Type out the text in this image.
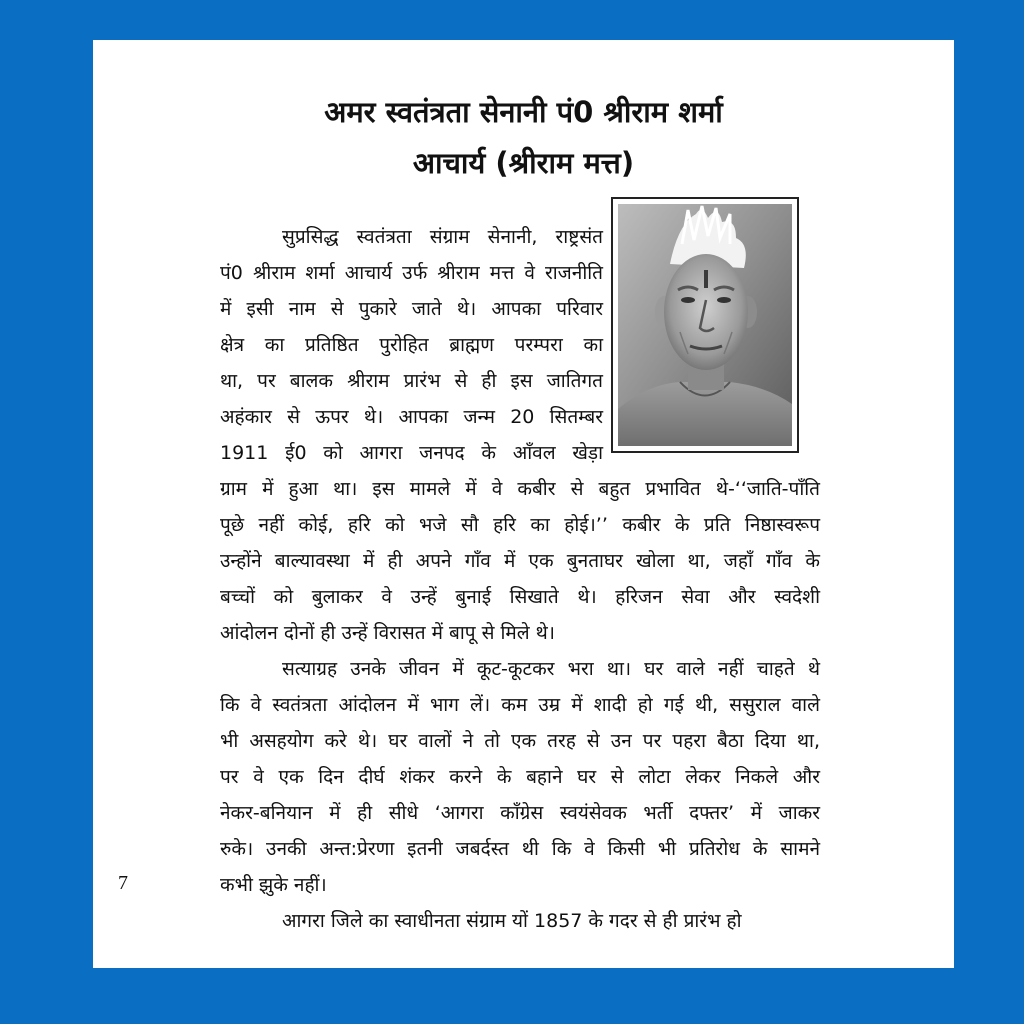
अमर स्वतंत्रता सेनानी पं0 श्रीराम शर्मा
आचार्य (श्रीराम मत्त)
सुप्रसिद्ध स्वतंत्रता संग्राम सेनानी, राष्ट्रसंत
पं0 श्रीराम शर्मा आचार्य उर्फ श्रीराम मत्त वे राजनीति
में इसी नाम से पुकारे जाते थे। आपका परिवार
क्षेत्र का प्रतिष्ठित पुरोहित ब्राह्मण परम्परा का
था, पर बालक श्रीराम प्रारंभ से ही इस जातिगत
अहंकार से ऊपर थे। आपका जन्म 20 सितम्बर
1911 ई0 को आगरा जनपद के आँवल खेड़ा
ग्राम में हुआ था। इस मामले में वे कबीर से बहुत प्रभावित थे-‘‘जाति-पाँति
पूछे नहीं कोई, हरि को भजे सौ हरि का होई।’’ कबीर के प्रति निष्ठास्वरूप
उन्होंने बाल्यावस्था में ही अपने गाँव में एक बुनताघर खोला था, जहाँ गाँव के
बच्चों को बुलाकर वे उन्हें बुनाई सिखाते थे। हरिजन सेवा और स्वदेशी
आंदोलन दोनों ही उन्हें विरासत में बापू से मिले थे।
सत्याग्रह उनके जीवन में कूट-कूटकर भरा था। घर वाले नहीं चाहते थे
कि वे स्वतंत्रता आंदोलन में भाग लें। कम उम्र में शादी हो गई थी, ससुराल वाले
भी असहयोग करे थे। घर वालों ने तो एक तरह से उन पर पहरा बैठा दिया था,
पर वे एक दिन दीर्घ शंकर करने के बहाने घर से लोटा लेकर निकले और
नेकर-बनियान में ही सीधे ‘आगरा काँग्रेस स्वयंसेवक भर्ती दफ्तर’ में जाकर
रुके। उनकी अन्त:प्रेरणा इतनी जबर्दस्त थी कि वे किसी भी प्रतिरोध के सामने
कभी झुके नहीं।
आगरा जिले का स्वाधीनता संग्राम यों 1857 के गदर से ही प्रारंभ हो
7
